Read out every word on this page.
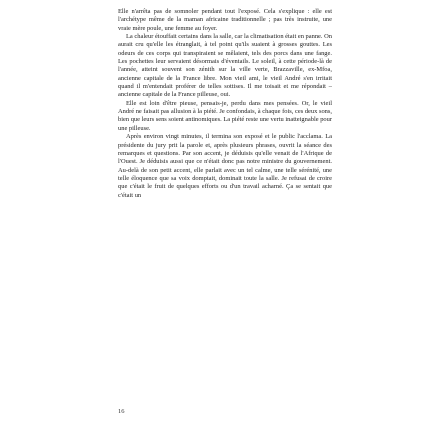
Elle n'arrêta pas de somnoler pendant tout l'exposé. Cela s'explique : elle est l'archétype même de la maman africaine traditionnelle ; pas très instruite, une vraie mère poule, une femme au foyer.

La chaleur étouffait certains dans la salle, car la climatisation était en panne. On aurait cru qu'elle les étranglait, à tel point qu'ils suaient à grosses gouttes. Les odeurs de ces corps qui transpiraient se mêlaient, tels des porcs dans une fange. Les pochettes leur servaient désormais d'éventails. Le soleil, à cette période-là de l'année, atteint souvent son zénith sur la ville verte, Brazzaville, ex-Mfoa, ancienne capitale de la France libre. Mon vieil ami, le vieil André s'en irritait quand il m'entendait proférer de telles sottises. Il me toisait et me répondait – ancienne capitale de la France pilleuse, oui.

Elle est loin d'être pieuse, pensais-je, perdu dans mes pensées. Or, le vieil André ne faisait pas allusion à la piété. Je confondais, à chaque fois, ces deux sons, bien que leurs sens soient antinomiques. La piété reste une vertu inatteignable pour une pilleuse.

Après environ vingt minutes, il termina son exposé et le public l'acclama. La présidente du jury prit la parole et, après plusieurs phrases, ouvrit la séance des remarques et questions. Par son accent, je déduisis qu'elle venait de l'Afrique de l'Ouest. Je déduisis aussi que ce n'était donc pas notre ministre du gouvernement. Au-delà de son petit accent, elle parlait avec un tel calme, une telle sérénité, une telle éloquence que sa voix domptait, dominait toute la salle. Je refusai de croire que c'était le fruit de quelques efforts ou d'un travail acharné. Ça se sentait que c'était un

16
